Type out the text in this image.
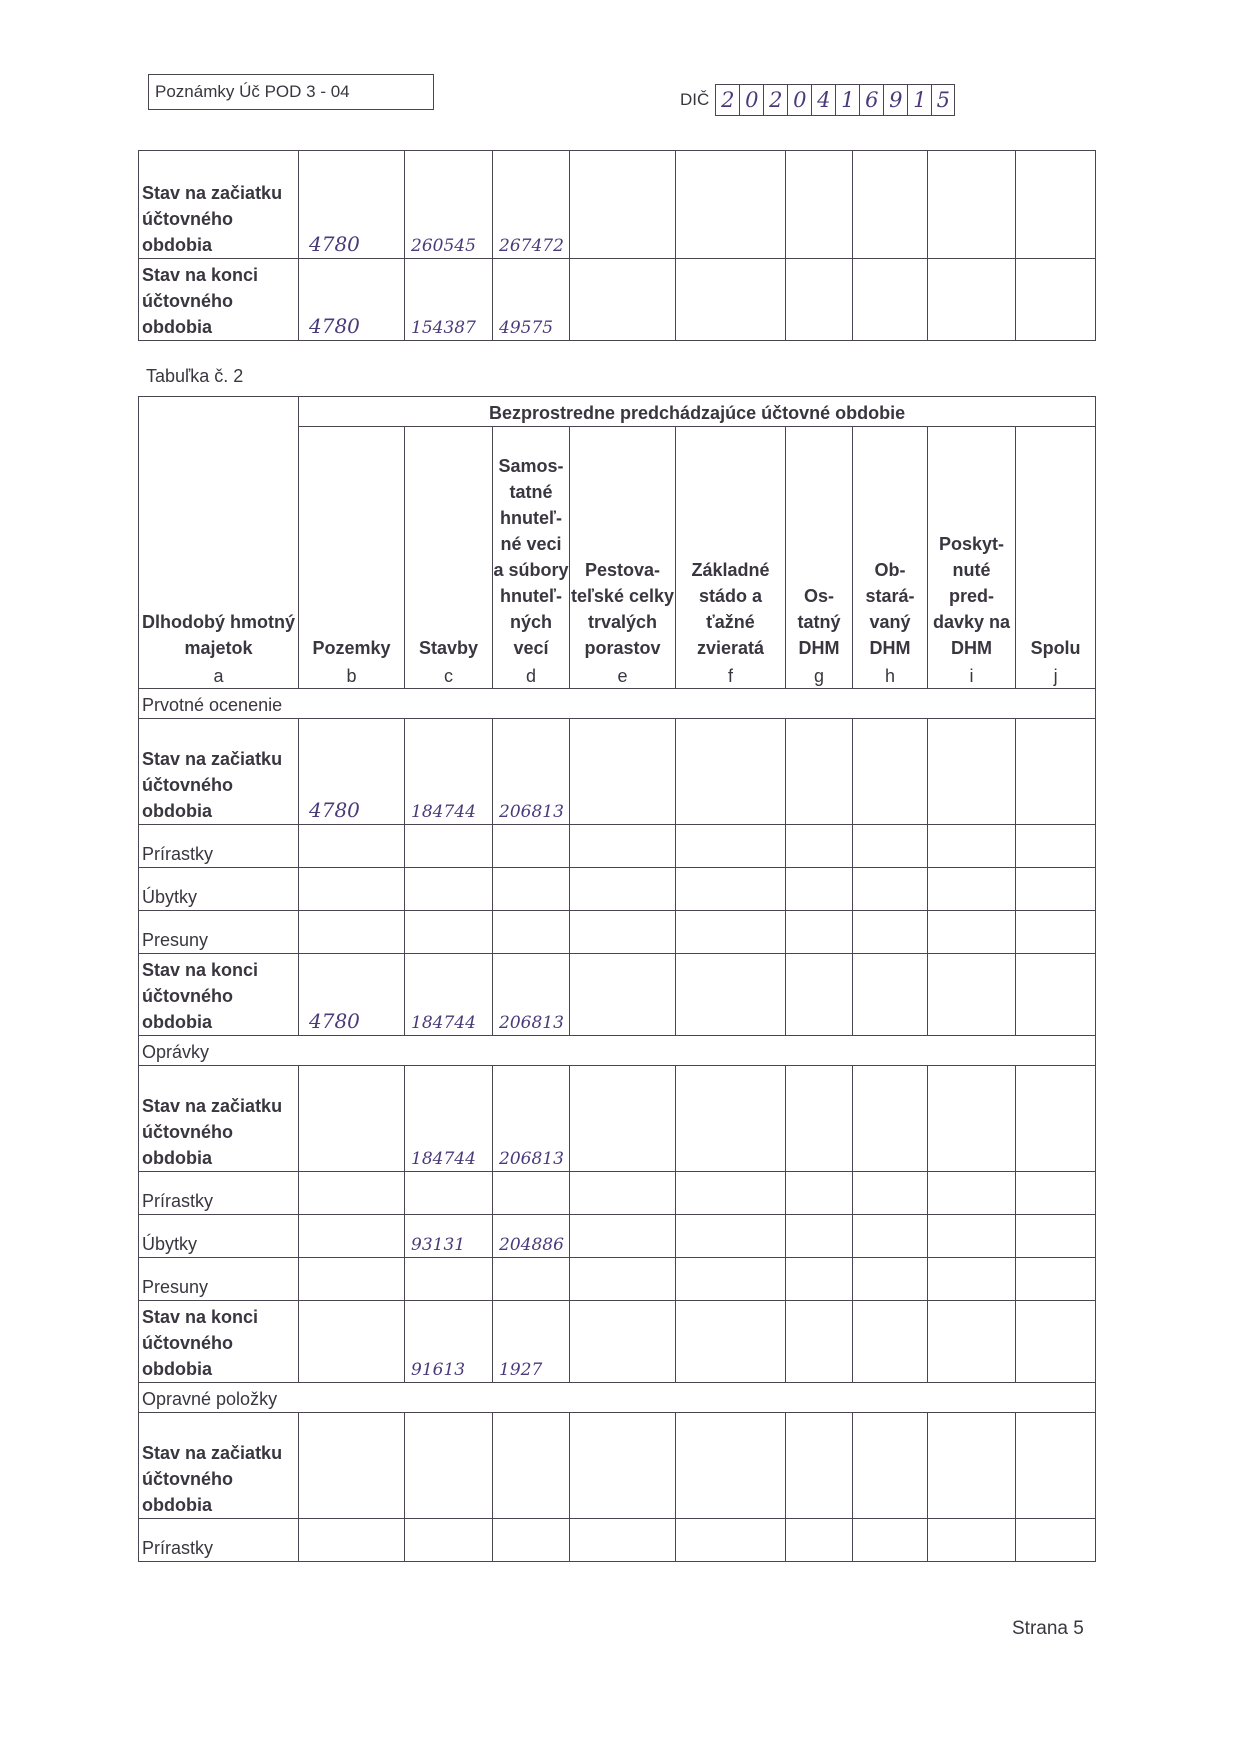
Poznámky Úč POD 3 - 04	DIČ 2 0 2 0 4 1 6 9 1 5
Stav na začiatku účtovného obdobia	4780	260545	267472						

Stav na konci účtovného obdobia	4780	154387	49575						

Tabuľka č. 2
Dlhodobý hmotný majetok	Bezprostredne predchádzajúce účtovné obdobie								
	Pozemky	Stavby	Samos- tatné hnuteľ- né veci a súbory hnuteľ- ných vecí	Pestova- teľské celky trvalých porastov	Základné stádo a ťažné zvieratá	Os- tatný DHM	Ob- stará- vaný DHM	Poskyt- nuté pred- davky na DHM	Spolu
a	b	c	d	e	f	g	h	i	j
Prvotné ocenenie									
Stav na začiatku účtovného obdobia	4780	184744	206813						

Prírastky									
Úbytky									
Presuny									
Stav na konci účtovného obdobia	4780	184744	206813						

Oprávky									
Stav na začiatku účtovného obdobia		184744	206813						

Prírastky									
Úbytky		93131	204886						

Presuny									
Stav na konci účtovného obdobia		91613	1927						

Opravné položky									
Stav na začiatku účtovného obdobia									
Prírastky									
Strana 5
